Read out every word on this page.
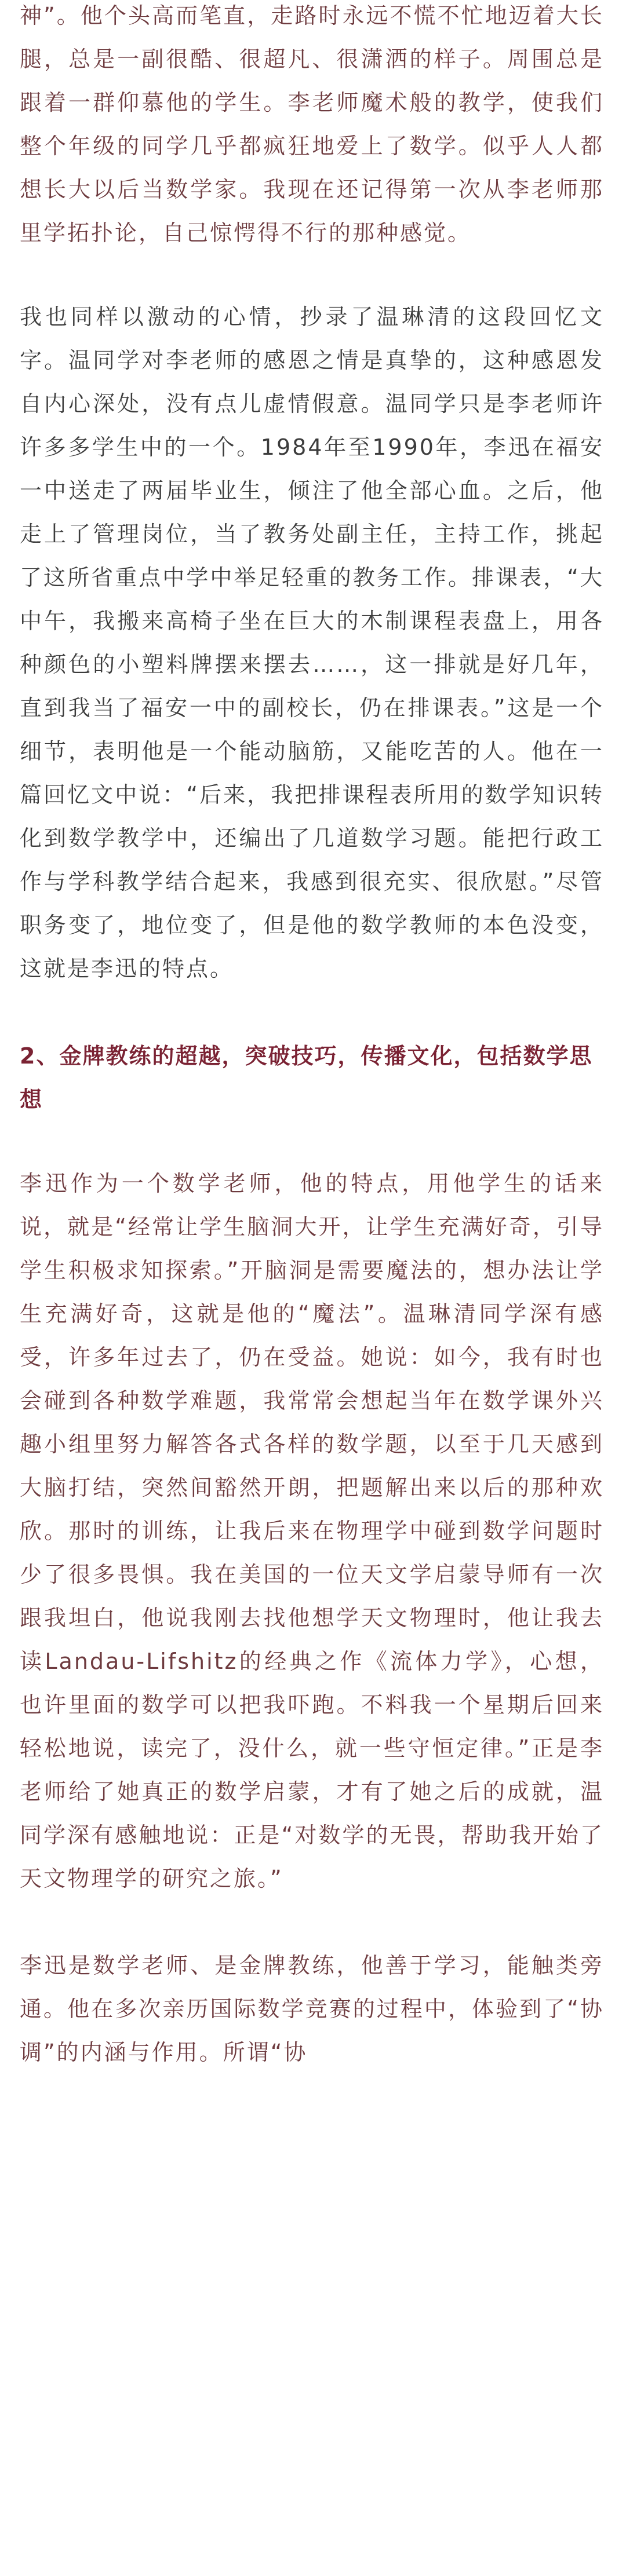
神”。他个头高而笔直，走路时永远不慌不忙地迈着大长腿，总是一副很酷、很超凡、很潇洒的样子。周围总是跟着一群仰慕他的学生。李老师魔术般的教学，使我们整个年级的同学几乎都疯狂地爱上了数学。似乎人人都想长大以后当数学家。我现在还记得第一次从李老师那里学拓扑论，自己惊愕得不行的那种感觉。

我也同样以激动的心情，抄录了温琳清的这段回忆文字。温同学对李老师的感恩之情是真挚的，这种感恩发自内心深处，没有点儿虚情假意。温同学只是李老师许许多多学生中的一个。1984年至1990年，李迅在福安一中送走了两届毕业生，倾注了他全部心血。之后，他走上了管理岗位，当了教务处副主任，主持工作，挑起了这所省重点中学中举足轻重的教务工作。排课表，“大中午，我搬来高椅子坐在巨大的木制课程表盘上，用各种颜色的小塑料牌摆来摆去……，这一排就是好几年，直到我当了福安一中的副校长，仍在排课表。”这是一个细节，表明他是一个能动脑筋，又能吃苦的人。他在一篇回忆文中说：“后来，我把排课程表所用的数学知识转化到数学教学中，还编出了几道数学习题。能把行政工作与学科教学结合起来，我感到很充实、很欣慰。”尽管职务变了，地位变了，但是他的数学教师的本色没变，这就是李迅的特点。

2、金牌教练的超越，突破技巧，传播文化，包括数学思想

李迅作为一个数学老师，他的特点，用他学生的话来说，就是“经常让学生脑洞大开，让学生充满好奇，引导学生积极求知探索。”开脑洞是需要魔法的，想办法让学生充满好奇，这就是他的“魔法”。温琳清同学深有感受，许多年过去了，仍在受益。她说：如今，我有时也会碰到各种数学难题，我常常会想起当年在数学课外兴趣小组里努力解答各式各样的数学题，以至于几天感到大脑打结，突然间豁然开朗，把题解出来以后的那种欢欣。那时的训练，让我后来在物理学中碰到数学问题时少了很多畏惧。我在美国的一位天文学启蒙导师有一次跟我坦白，他说我刚去找他想学天文物理时，他让我去读Landau-Lifshitz的经典之作《流体力学》，心想，也许里面的数学可以把我吓跑。不料我一个星期后回来轻松地说，读完了，没什么，就一些守恒定律。”正是李老师给了她真正的数学启蒙，才有了她之后的成就，温同学深有感触地说：正是“对数学的无畏，帮助我开始了天文物理学的研究之旅。”

李迅是数学老师、是金牌教练，他善于学习，能触类旁通。他在多次亲历国际数学竞赛的过程中，体验到了“协调”的内涵与作用。所谓“协
